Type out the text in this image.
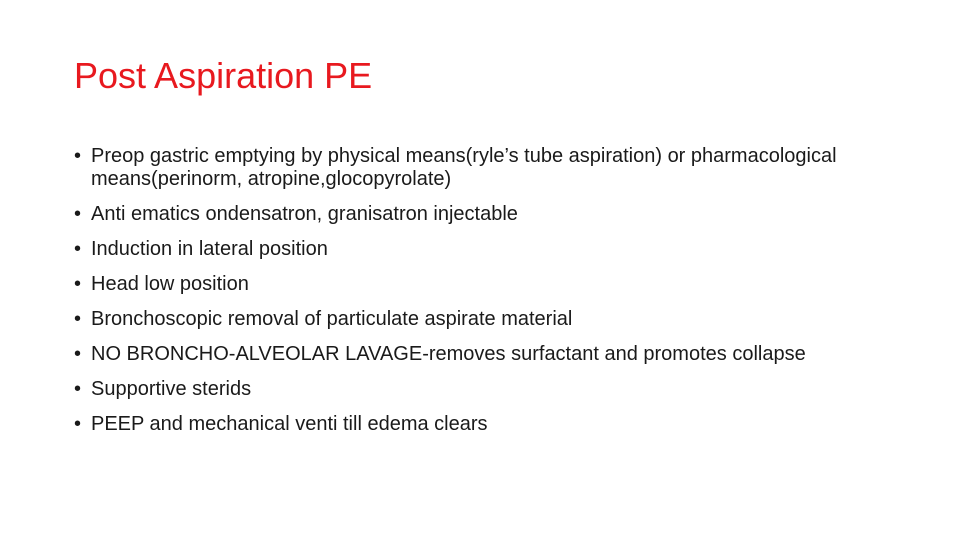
Post Aspiration PE
• Preop gastric emptying by physical means(ryle’s tube aspiration) or pharmacological means(perinorm, atropine,glocopyrolate)
• Anti ematics ondensatron, granisatron injectable
• Induction in lateral position
• Head low position
• Bronchoscopic removal of particulate aspirate material
• NO BRONCHO-ALVEOLAR LAVAGE-removes surfactant and promotes collapse
• Supportive sterids
• PEEP and mechanical venti till edema clears
